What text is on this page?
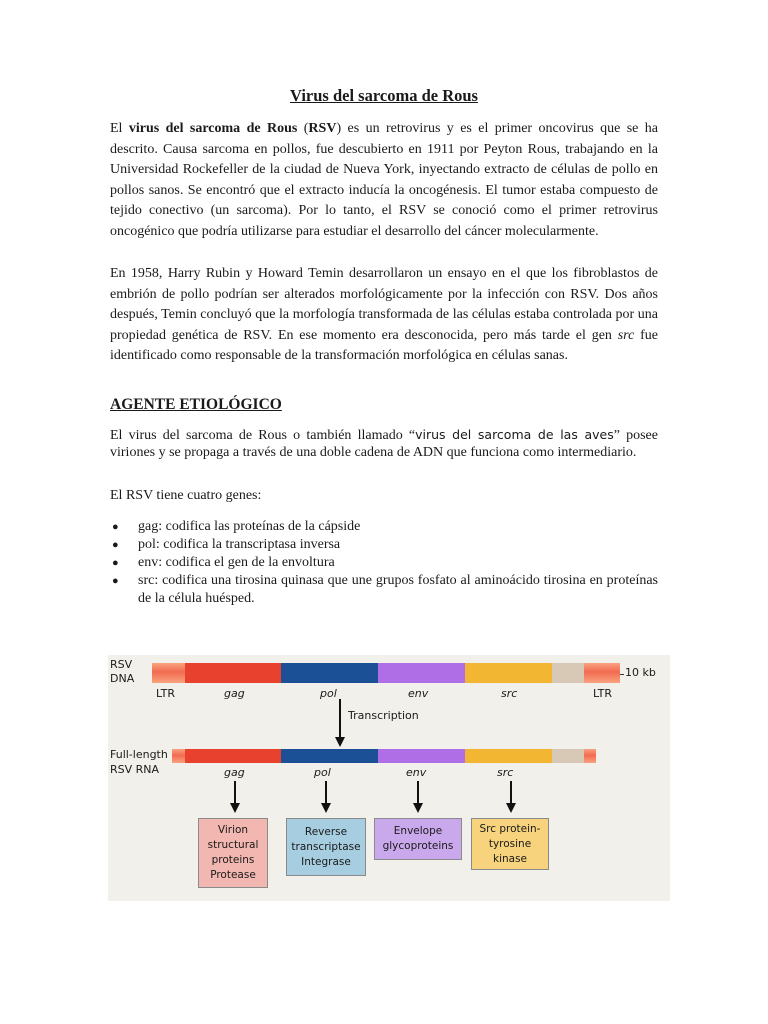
Virus del sarcoma de Rous

El virus del sarcoma de Rous (RSV) es un retrovirus y es el primer oncovirus que se ha descrito. Causa sarcoma en pollos, fue descubierto en 1911 por Peyton Rous, trabajando en la Universidad Rockefeller de la ciudad de Nueva York, inyectando extracto de células de pollo en pollos sanos. Se encontró que el extracto inducía la oncogénesis. El tumor estaba compuesto de tejido conectivo (un sarcoma). Por lo tanto, el RSV se conoció como el primer retrovirus oncogénico que podría utilizarse para estudiar el desarrollo del cáncer molecularmente.

En 1958, Harry Rubin y Howard Temin desarrollaron un ensayo en el que los fibroblastos de embrión de pollo podrían ser alterados morfológicamente por la infección con RSV. Dos años después, Temin concluyó que la morfología transformada de las células estaba controlada por una propiedad genética de RSV. En ese momento era desconocida, pero más tarde el gen src fue identificado como responsable de la transformación morfológica en células sanas.

AGENTE ETIOLÓGICO

El virus del sarcoma de Rous o también llamado “virus del sarcoma de las aves” posee viriones y se propaga a través de una doble cadena de ADN que funciona como intermediario.

El RSV tiene cuatro genes:

● gag: codifica las proteínas de la cápside
● pol: codifica la transcriptasa inversa
● env: codifica el gen de la envoltura
● src: codifica una tirosina quinasa que une grupos fosfato al aminoácido tirosina en proteínas de la célula huésped.
RSV
DNA	10 kb
LTR	gag	pol	env	src	LTR
Transcription
Full-length
RSV RNA	gag	pol	env	src
Virion
structural
proteins
Protease
Reverse
transcriptase
Integrase
Envelope
glycoproteins
Src protein-
tyrosine
kinase
